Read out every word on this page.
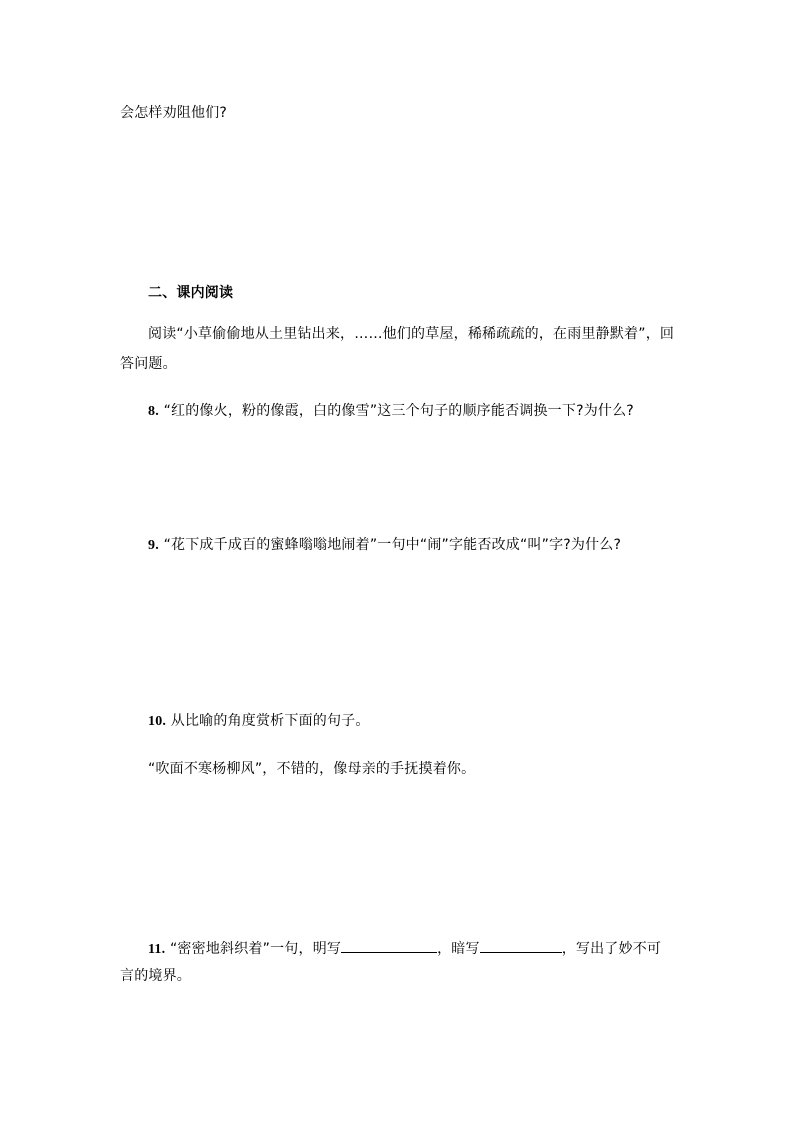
会怎样劝阻他们?
二、课内阅读
阅读“小草偷偷地从土里钻出来，……他们的草屋，稀稀疏疏的，在雨里静默着”，回
答问题。
8. “红的像火，粉的像霞，白的像雪”这三个句子的顺序能否调换一下?为什么?
9. “花下成千成百的蜜蜂嗡嗡地闹着”一句中“闹”字能否改成“叫”字?为什么?
10. 从比喻的角度赏析下面的句子。
“吹面不寒杨柳风”，不错的，像母亲的手抚摸着你。
11. “密密地斜织着”一句，明写	，暗写	，写出了妙不可
言的境界。
